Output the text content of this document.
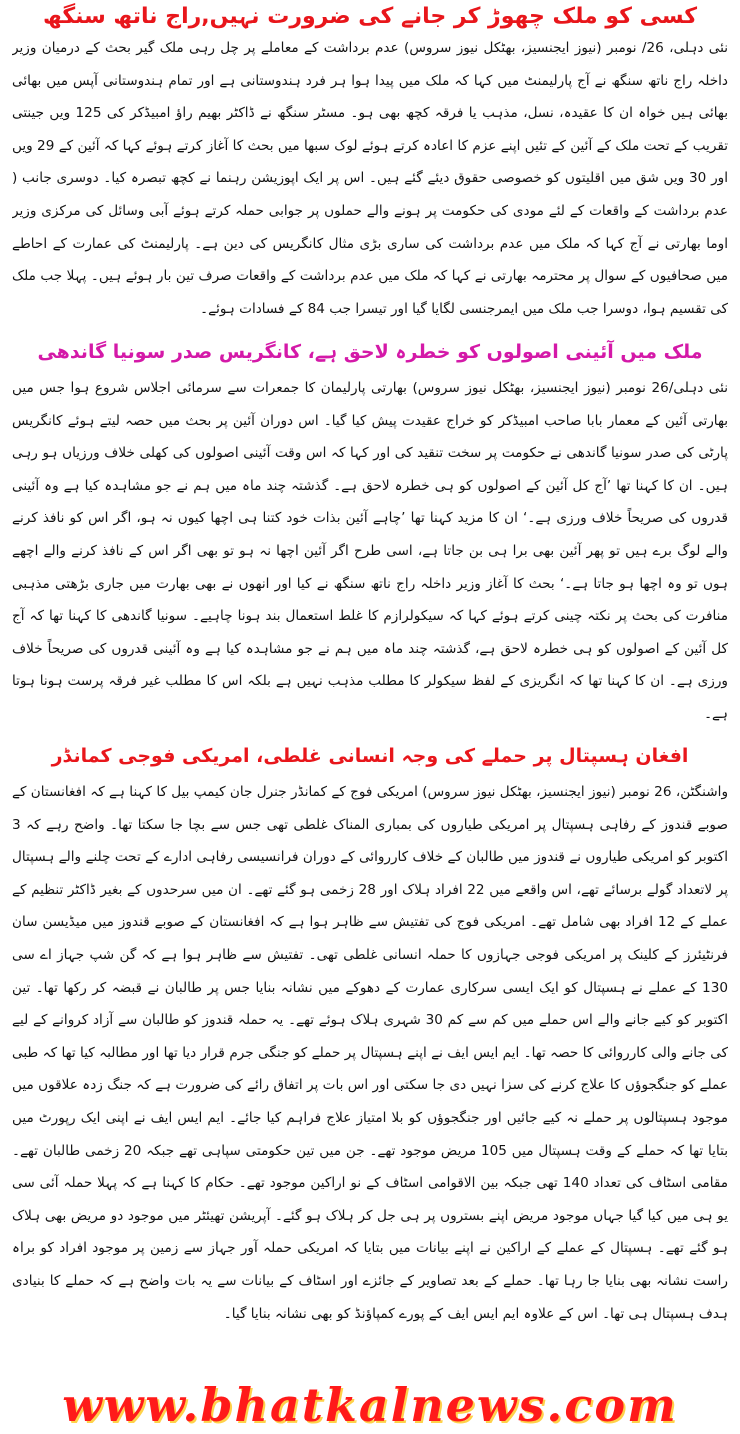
کسی کو ملک چھوڑ کر جانے کی ضرورت نہیں,راج ناتھ سنگھ

نئی دہلی، 26/ نومبر (نیوز ایجنسیز، بھٹکل نیوز سروس) عدم برداشت کے معاملے پر چل رہی ملک گیر بحث کے درمیان وزیر داخلہ راج ناتھ سنگھ نے آج پارلیمنٹ میں کہا کہ ملک میں پیدا ہوا ہر فرد ہندوستانی ہے اور تمام ہندوستانی آپس میں بھائی بھائی ہیں خواہ ان کا عقیدہ، نسل، مذہب یا فرقہ کچھ بھی ہو۔ مسٹر سنگھ نے ڈاکٹر بھیم راؤ امبیڈکر کی 125 ویں جینتی تقریب کے تحت ملک کے آئین کے تئیں اپنے عزم کا اعادہ کرتے ہوئے لوک سبھا میں بحث کا آغاز کرتے ہوئے کہا کہ آئین کے 29 ویں اور 30 ویں شق میں اقلیتوں کو خصوصی حقوق دیئے گئے ہیں۔ اس پر ایک اپوزیشن رہنما نے کچھ تبصرہ کیا۔ دوسری جانب ( عدم برداشت کے واقعات کے لئے مودی کی حکومت پر ہونے والے حملوں پر جوابی حملہ کرتے ہوئے آبی وسائل کی مرکزی وزیر اوما بھارتی نے آج کہا کہ ملک میں عدم برداشت کی ساری بڑی مثال کانگریس کی دین ہے۔ پارلیمنٹ کی عمارت کے احاطے میں صحافیوں کے سوال پر محترمہ بھارتی نے کہا کہ ملک میں عدم برداشت کے واقعات صرف تین بار ہوئے ہیں۔ پہلا جب ملک کی تقسیم ہوا، دوسرا جب ملک میں ایمرجنسی لگایا گیا اور تیسرا جب 84 کے فسادات ہوئے۔

ملک میں آئینی اصولوں کو خطرہ لاحق ہے، کانگریس صدر سونیا گاندھی

نئی دہلی/26 نومبر (نیوز ایجنسیز، بھٹکل نیوز سروس) بھارتی پارلیمان کا جمعرات سے سرمائی اجلاس شروع ہوا جس میں بھارتی آئین کے معمار بابا صاحب امبیڈکر کو خراج عقیدت پیش کیا گیا۔ اس دوران آئین پر بحث میں حصہ لیتے ہوئے کانگریس پارٹی کی صدر سونیا گاندھی نے حکومت پر سخت تنقید کی اور کہا کہ اس وقت آئینی اصولوں کی کھلی خلاف ورزیاں ہو رہی ہیں۔ ان کا کہنا تھا ’آج کل آئین کے اصولوں کو ہی خطرہ لاحق ہے۔ گذشتہ چند ماہ میں ہم نے جو مشاہدہ کیا ہے وہ آئینی قدروں کی صریحاً خلاف ورزی ہے۔‘ ان کا مزید کہنا تھا ’چاہے آئین بذات خود کتنا ہی اچھا کیوں نہ ہو، اگر اس کو نافذ کرنے والے لوگ برے ہیں تو پھر آئین بھی برا ہی بن جاتا ہے، اسی طرح اگر آئین اچھا نہ ہو تو بھی اگر اس کے نافذ کرنے والے اچھے ہوں تو وہ اچھا ہو جاتا ہے۔‘ بحث کا آغاز وزیر داخلہ راج ناتھ سنگھ نے کیا اور انھوں نے بھی بھارت میں جاری بڑھتی مذہبی منافرت کی بحث پر نکتہ چینی کرتے ہوئے کہا کہ سیکولرازم کا غلط استعمال بند ہونا چاہیے۔ سونیا گاندھی کا کہنا تھا کہ آج کل آئین کے اصولوں کو ہی خطرہ لاحق ہے، گذشتہ چند ماہ میں ہم نے جو مشاہدہ کیا ہے وہ آئینی قدروں کی صریحاً خلاف ورزی ہے۔ ان کا کہنا تھا کہ انگریزی کے لفظ سیکولر کا مطلب مذہب نہیں ہے بلکہ اس کا مطلب غیر فرقہ پرست ہونا ہوتا ہے۔

افغان ہسپتال پر حملے کی وجہ انسانی غلطی، امریکی فوجی کمانڈر

واشنگٹن، 26 نومبر (نیوز ایجنسیز، بھٹکل نیوز سروس) امریکی فوج کے کمانڈر جنرل جان کیمپ بیل کا کہنا ہے کہ افغانستان کے صوبے قندوز کے رفاہی ہسپتال پر امریکی طیاروں کی بمباری المناک غلطی تھی جس سے بچا جا سکتا تھا۔ واضح رہے کہ 3 اکتوبر کو امریکی طیاروں نے قندوز میں طالبان کے خلاف کارروائی کے دوران فرانسیسی رفاہی ادارے کے تحت چلنے والے ہسپتال پر لاتعداد گولے برسائے تھے، اس واقعے میں 22 افراد ہلاک اور 28 زخمی ہو گئے تھے۔ ان میں سرحدوں کے بغیر ڈاکٹر تنظیم کے عملے کے 12 افراد بھی شامل تھے۔ امریکی فوج کی تفتیش سے ظاہر ہوا ہے کہ افغانستان کے صوبے قندوز میں میڈیسن سان فرنٹیئرز کے کلینک پر امریکی فوجی جہازوں کا حملہ انسانی غلطی تھی۔ تفتیش سے ظاہر ہوا ہے کہ گن شپ جہاز اے سی 130 کے عملے نے ہسپتال کو ایک ایسی سرکاری عمارت کے دھوکے میں نشانہ بنایا جس پر طالبان نے قبضہ کر رکھا تھا۔ تین اکتوبر کو کیے جانے والے اس حملے میں کم سے کم 30 شہری ہلاک ہوئے تھے۔ یہ حملہ قندوز کو طالبان سے آزاد کروانے کے لیے کی جانے والی کارروائی کا حصہ تھا۔ ایم ایس ایف نے اپنے ہسپتال پر حملے کو جنگی جرم قرار دیا تھا اور مطالبہ کیا تھا کہ طبی عملے کو جنگجوؤں کا علاج کرنے کی سزا نہیں دی جا سکتی اور اس بات پر اتفاق رائے کی ضرورت ہے کہ جنگ زدہ علاقوں میں موجود ہسپتالوں پر حملے نہ کیے جائیں اور جنگجوؤں کو بلا امتیاز علاج فراہم کیا جائے۔ ایم ایس ایف نے اپنی ایک رپورٹ میں بتایا تھا کہ حملے کے وقت ہسپتال میں 105 مریض موجود تھے۔ جن میں تین حکومتی سپاہی تھے جبکہ 20 زخمی طالبان تھے۔ مقامی اسٹاف کی تعداد 140 تھی جبکہ بین الاقوامی اسٹاف کے نو اراکین موجود تھے۔ حکام کا کہنا ہے کہ پہلا حملہ آئی سی یو ہی میں کیا گیا جہاں موجود مریض اپنے بستروں پر ہی جل کر ہلاک ہو گئے۔ آپریشن تھیئٹر میں موجود دو مریض بھی ہلاک ہو گئے تھے۔ ہسپتال کے عملے کے اراکین نے اپنے بیانات میں بتایا کہ امریکی حملہ آور جہاز سے زمین پر موجود افراد کو براہ راست نشانہ بھی بنایا جا رہا تھا۔ حملے کے بعد تصاویر کے جائزے اور اسٹاف کے بیانات سے یہ بات واضح ہے کہ حملے کا بنیادی ہدف ہسپتال ہی تھا۔ اس کے علاوہ ایم ایس ایف کے پورے کمپاؤنڈ کو بھی نشانہ بنایا گیا۔

www.bhatkalnews.com
